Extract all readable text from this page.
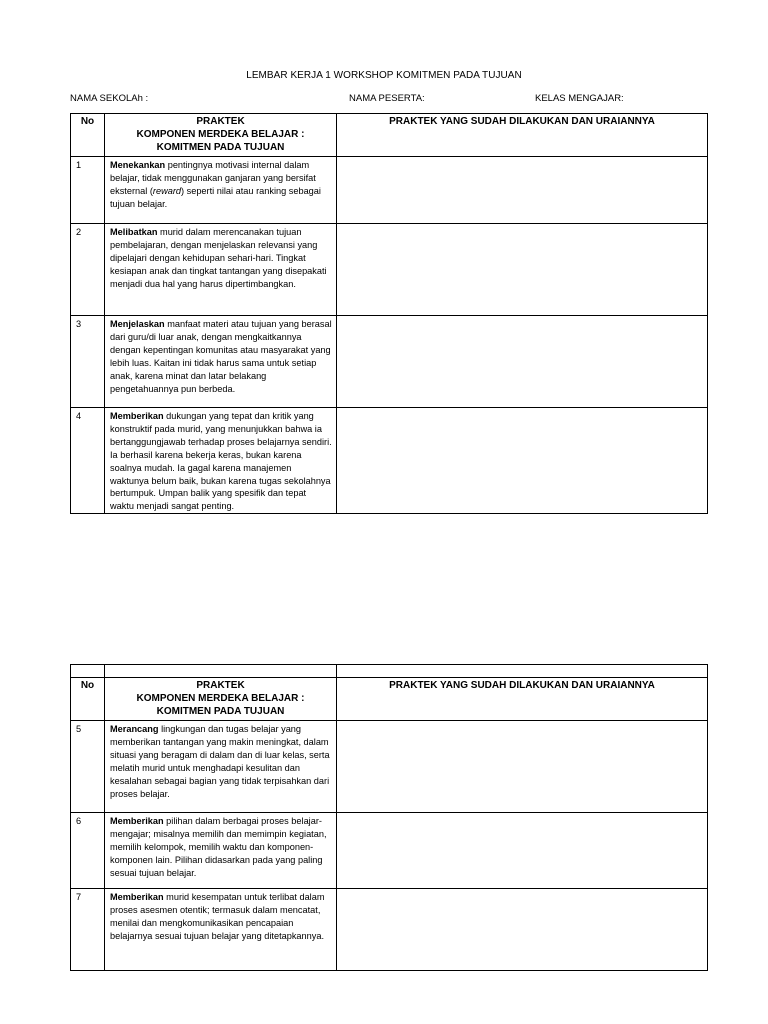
LEMBAR KERJA 1 WORKSHOP KOMITMEN PADA TUJUAN
NAMA SEKOLAh :	NAMA PESERTA:	KELAS MENGAJAR:
No	PRAKTEK
KOMPONEN MERDEKA BELAJAR :
KOMITMEN PADA TUJUAN	PRAKTEK YANG SUDAH DILAKUKAN DAN URAIANNYA
1	Menekankan pentingnya motivasi internal dalam belajar, tidak menggunakan ganjaran yang bersifat eksternal (reward) seperti nilai atau ranking sebagai tujuan belajar.	
2	Melibatkan murid dalam merencanakan tujuan pembelajaran, dengan menjelaskan relevansi yang dipelajari dengan kehidupan sehari-hari. Tingkat kesiapan anak dan tingkat tantangan yang disepakati menjadi dua hal yang harus dipertimbangkan.	
3	Menjelaskan manfaat materi atau tujuan yang berasal dari guru/di luar anak, dengan mengkaitkannya dengan kepentingan komunitas atau masyarakat yang lebih luas. Kaitan ini tidak harus sama untuk setiap anak, karena minat dan latar belakang pengetahuannya pun berbeda.	
4	Memberikan dukungan yang tepat dan kritik yang konstruktif pada murid, yang menunjukkan bahwa ia bertanggungjawab terhadap proses belajarnya sendiri. Ia berhasil karena bekerja keras, bukan karena soalnya mudah. Ia gagal karena manajemen waktunya belum baik, bukan karena tugas sekolahnya bertumpuk. Umpan balik yang spesifik dan tepat waktu menjadi sangat penting.	

No	PRAKTEK
KOMPONEN MERDEKA BELAJAR :
KOMITMEN PADA TUJUAN	PRAKTEK YANG SUDAH DILAKUKAN DAN URAIANNYA
5	Merancang lingkungan dan tugas belajar yang memberikan tantangan yang makin meningkat, dalam situasi yang beragam di dalam dan di luar kelas, serta melatih murid untuk menghadapi kesulitan dan kesalahan sebagai bagian yang tidak terpisahkan dari proses belajar.	
6	Memberikan pilihan dalam berbagai proses belajar-mengajar; misalnya memilih dan memimpin kegiatan, memilih kelompok, memilih waktu dan komponen-komponen lain. Pilihan didasarkan pada yang paling sesuai tujuan belajar.	
7	Memberikan murid kesempatan untuk terlibat dalam proses asesmen otentik; termasuk dalam mencatat, menilai dan mengkomunikasikan pencapaian belajarnya sesuai tujuan belajar yang ditetapkannya.	
